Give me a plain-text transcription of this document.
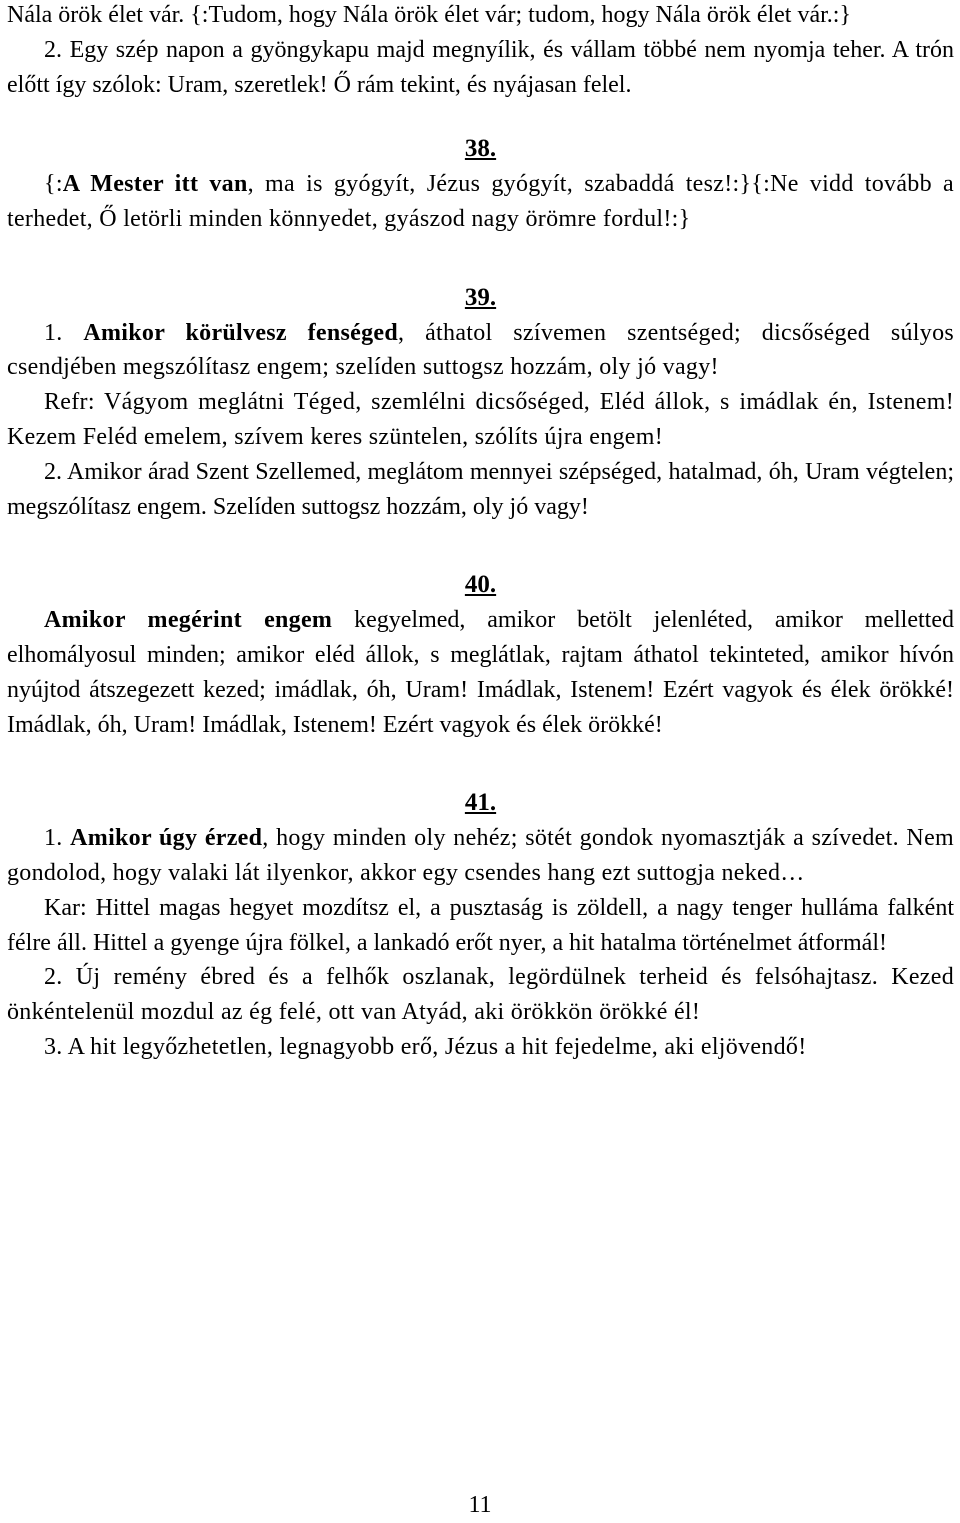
Nála örök élet vár. {:Tudom, hogy Nála örök élet vár; tudom, hogy Nála örök élet vár.:}

2. Egy szép napon a gyöngykapu majd megnyílik, és vállam többé nem nyomja teher. A trón előtt így szólok: Uram, szeretlek! Ő rám tekint, és nyájasan felel.

38.

{:A Mester itt van, ma is gyógyít, Jézus gyógyít, szabaddá tesz!:}{:Ne vidd tovább a terhedet, Ő letörli minden könnyedet, gyászod nagy örömre fordul!:}

39.

1. Amikor körülvesz fenséged, áthatol szívemen szentséged; dicsőséged súlyos csendjében megszólítasz engem; szelíden suttogsz hozzám, oly jó vagy!

Refr: Vágyom meglátni Téged, szemlélni dicsőséged, Eléd állok, s imádlak én, Istenem! Kezem Feléd emelem, szívem keres szüntelen, szólíts újra engem!

2. Amikor árad Szent Szellemed, meglátom mennyei szépséged, hatalmad, óh, Uram végtelen; megszólítasz engem. Szelíden suttogsz hozzám, oly jó vagy!

40.

Amikor megérint engem kegyelmed, amikor betölt jelenléted, amikor melletted elhomályosul minden; amikor eléd állok, s meglátlak, rajtam áthatol tekinteted, amikor hívón nyújtod átszegezett kezed; imádlak, óh, Uram! Imádlak, Istenem! Ezért vagyok és élek örökké! Imádlak, óh, Uram! Imádlak, Istenem! Ezért vagyok és élek örökké!

41.

1. Amikor úgy érzed, hogy minden oly nehéz; sötét gondok nyomasztják a szívedet. Nem gondolod, hogy valaki lát ilyenkor, akkor egy csendes hang ezt suttogja neked…

Kar: Hittel magas hegyet mozdítsz el, a pusztaság is zöldell, a nagy tenger hulláma falként félre áll. Hittel a gyenge újra fölkel, a lankadó erőt nyer, a hit hatalma történelmet átformál!

2. Új remény ébred és a felhők oszlanak, legördülnek terheid és felsóhajtasz. Kezed önkéntelenül mozdul az ég felé, ott van Atyád, aki örökkön örökké él!

3. A hit legyőzhetetlen, legnagyobb erő, Jézus a hit fejedelme, aki eljövendő!

11
